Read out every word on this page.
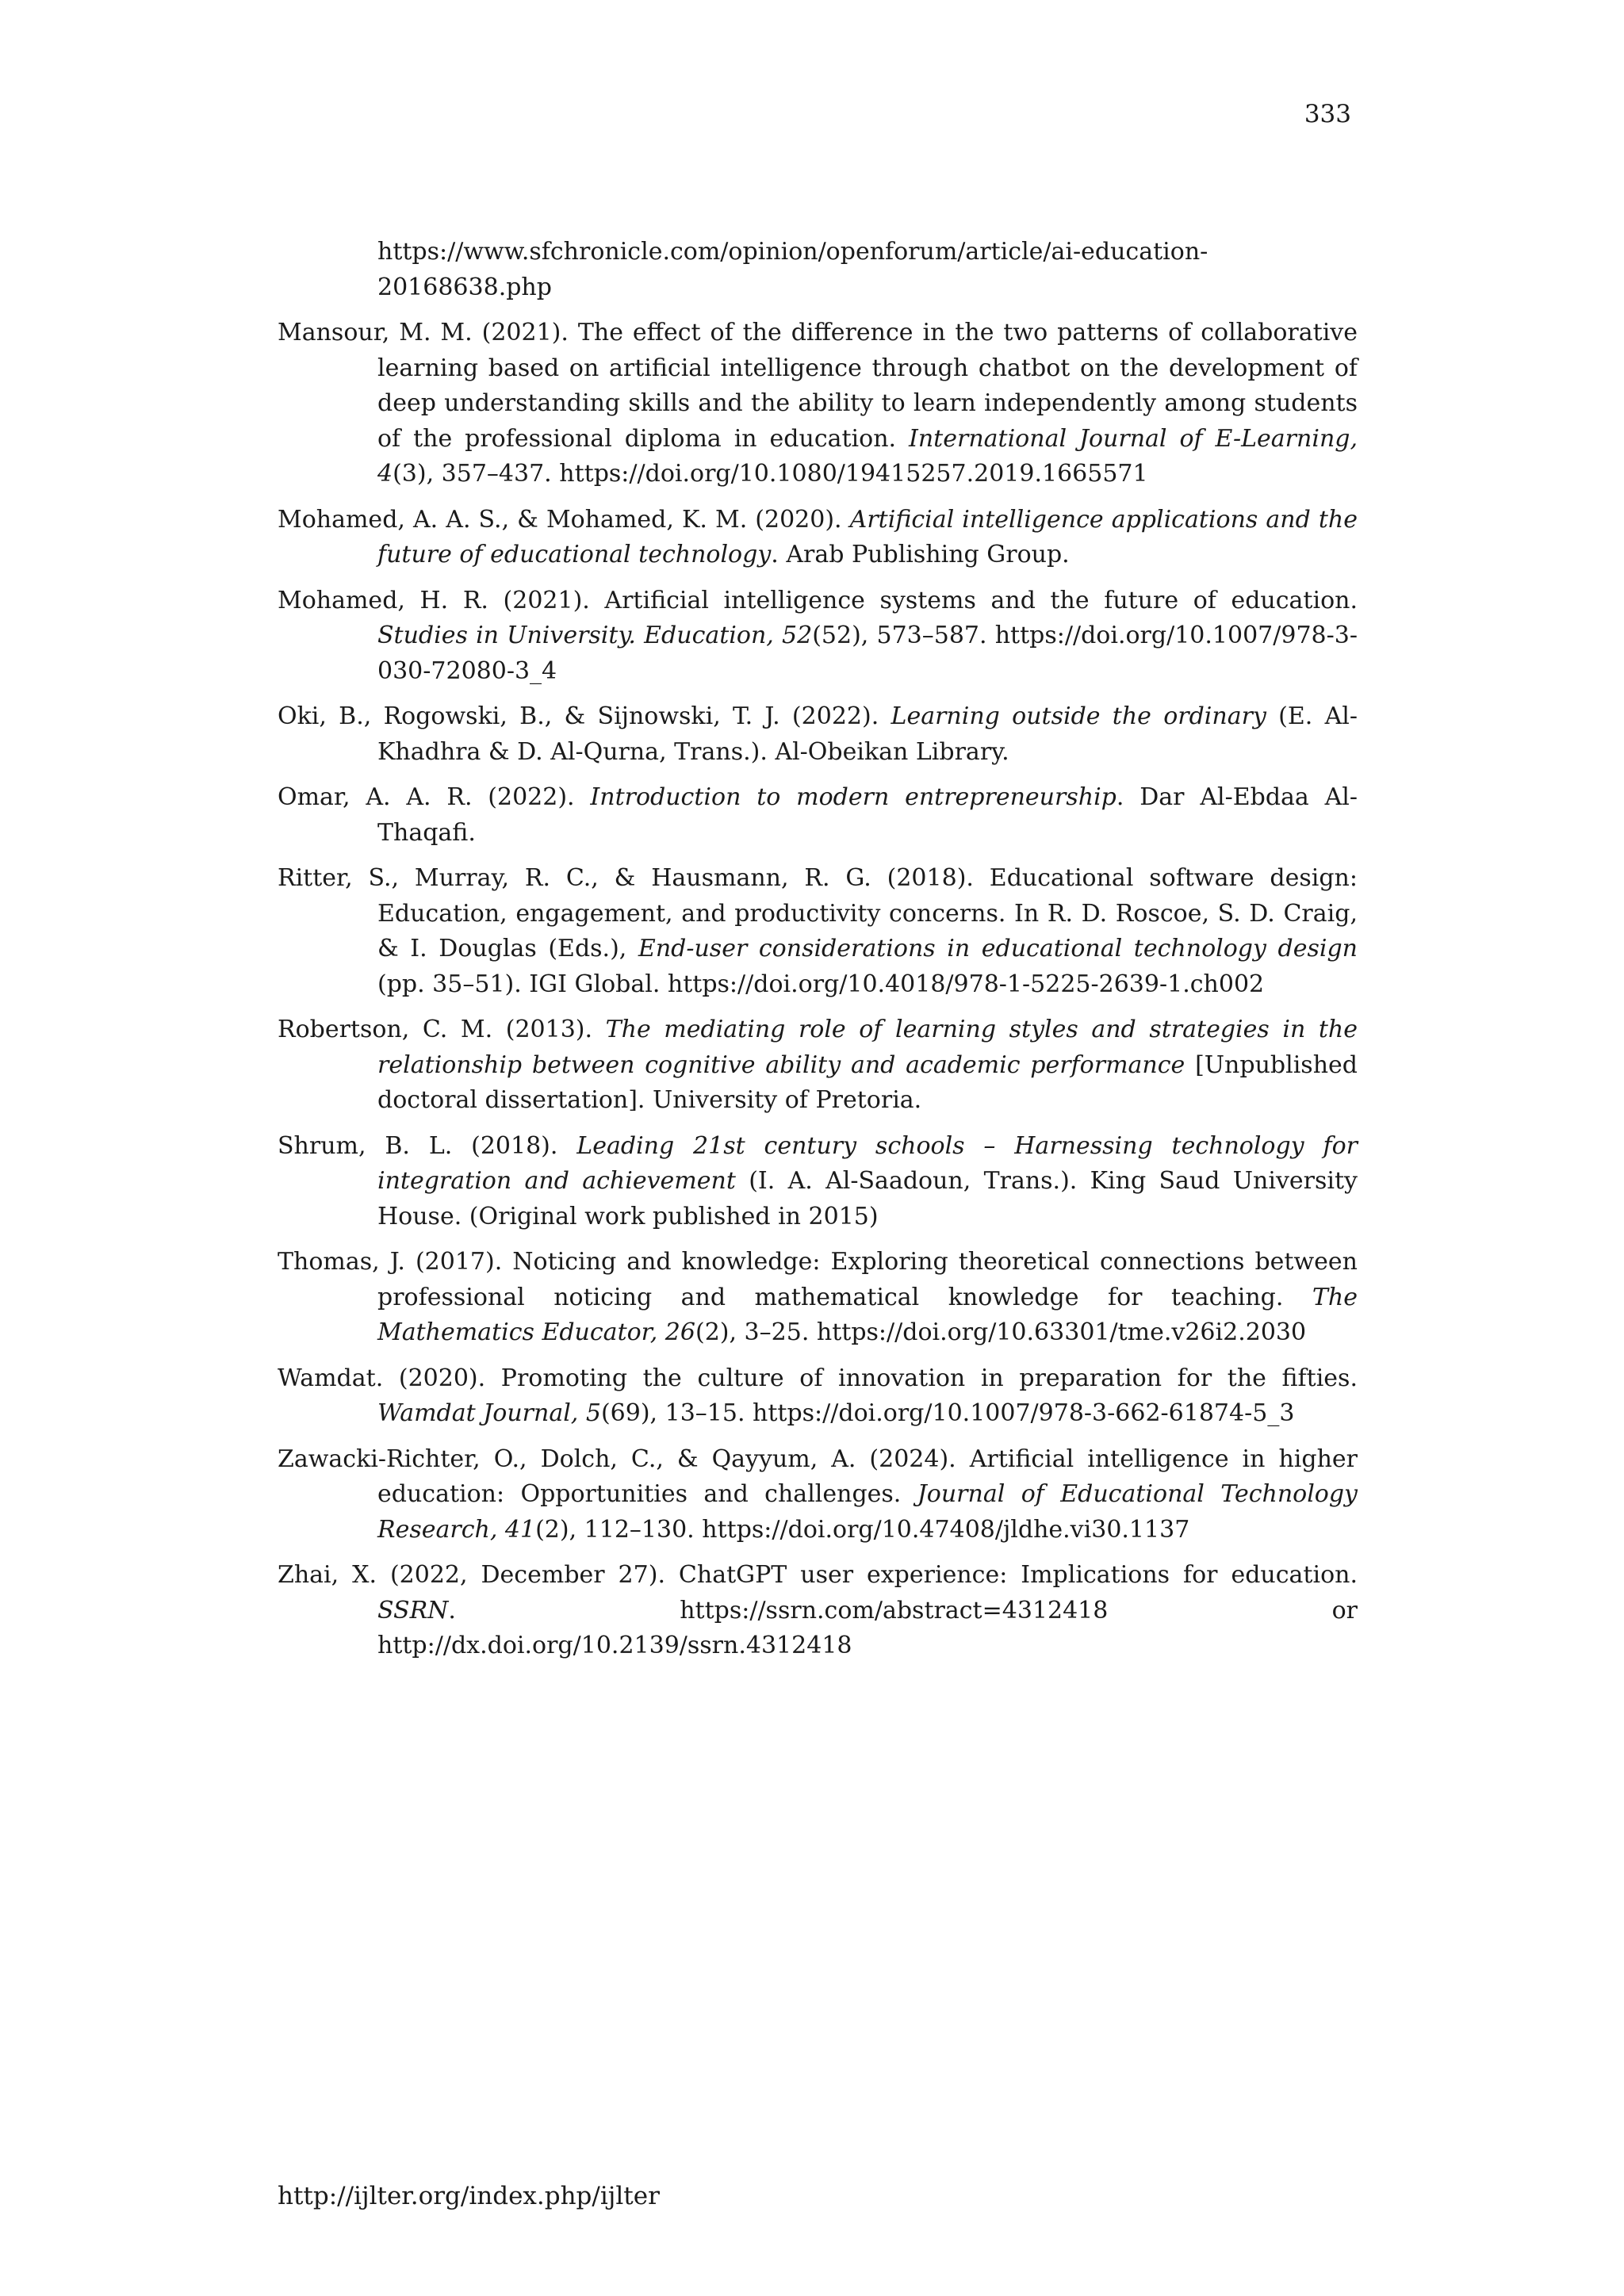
333
https://www.sfchronicle.com/opinion/openforum/article/ai-education-20168638.php
Mansour, M. M. (2021). The effect of the difference in the two patterns of collaborative learning based on artificial intelligence through chatbot on the development of deep understanding skills and the ability to learn independently among students of the professional diploma in education. International Journal of E-Learning, 4(3), 357–437. https://doi.org/10.1080/19415257.2019.1665571
Mohamed, A. A. S., & Mohamed, K. M. (2020). Artificial intelligence applications and the future of educational technology. Arab Publishing Group.
Mohamed, H. R. (2021). Artificial intelligence systems and the future of education. Studies in University. Education, 52(52), 573–587. https://doi.org/10.1007/978-3-030-72080-3_4
Oki, B., Rogowski, B., & Sijnowski, T. J. (2022). Learning outside the ordinary (E. Al-Khadhra & D. Al-Qurna, Trans.). Al-Obeikan Library.
Omar, A. A. R. (2022). Introduction to modern entrepreneurship. Dar Al-Ebdaa Al-Thaqafi.
Ritter, S., Murray, R. C., & Hausmann, R. G. (2018). Educational software design: Education, engagement, and productivity concerns. In R. D. Roscoe, S. D. Craig, & I. Douglas (Eds.), End-user considerations in educational technology design (pp. 35–51). IGI Global. https://doi.org/10.4018/978-1-5225-2639-1.ch002
Robertson, C. M. (2013). The mediating role of learning styles and strategies in the relationship between cognitive ability and academic performance [Unpublished doctoral dissertation]. University of Pretoria.
Shrum, B. L. (2018). Leading 21st century schools – Harnessing technology for integration and achievement (I. A. Al-Saadoun, Trans.). King Saud University House. (Original work published in 2015)
Thomas, J. (2017). Noticing and knowledge: Exploring theoretical connections between professional noticing and mathematical knowledge for teaching. The Mathematics Educator, 26(2), 3–25. https://doi.org/10.63301/tme.v26i2.2030
Wamdat. (2020). Promoting the culture of innovation in preparation for the fifties. Wamdat Journal, 5(69), 13–15. https://doi.org/10.1007/978-3-662-61874-5_3
Zawacki-Richter, O., Dolch, C., & Qayyum, A. (2024). Artificial intelligence in higher education: Opportunities and challenges. Journal of Educational Technology Research, 41(2), 112–130. https://doi.org/10.47408/jldhe.vi30.1137
Zhai, X. (2022, December 27). ChatGPT user experience: Implications for education. SSRN. https://ssrn.com/abstract=4312418 or http://dx.doi.org/10.2139/ssrn.4312418
http://ijlter.org/index.php/ijlter
